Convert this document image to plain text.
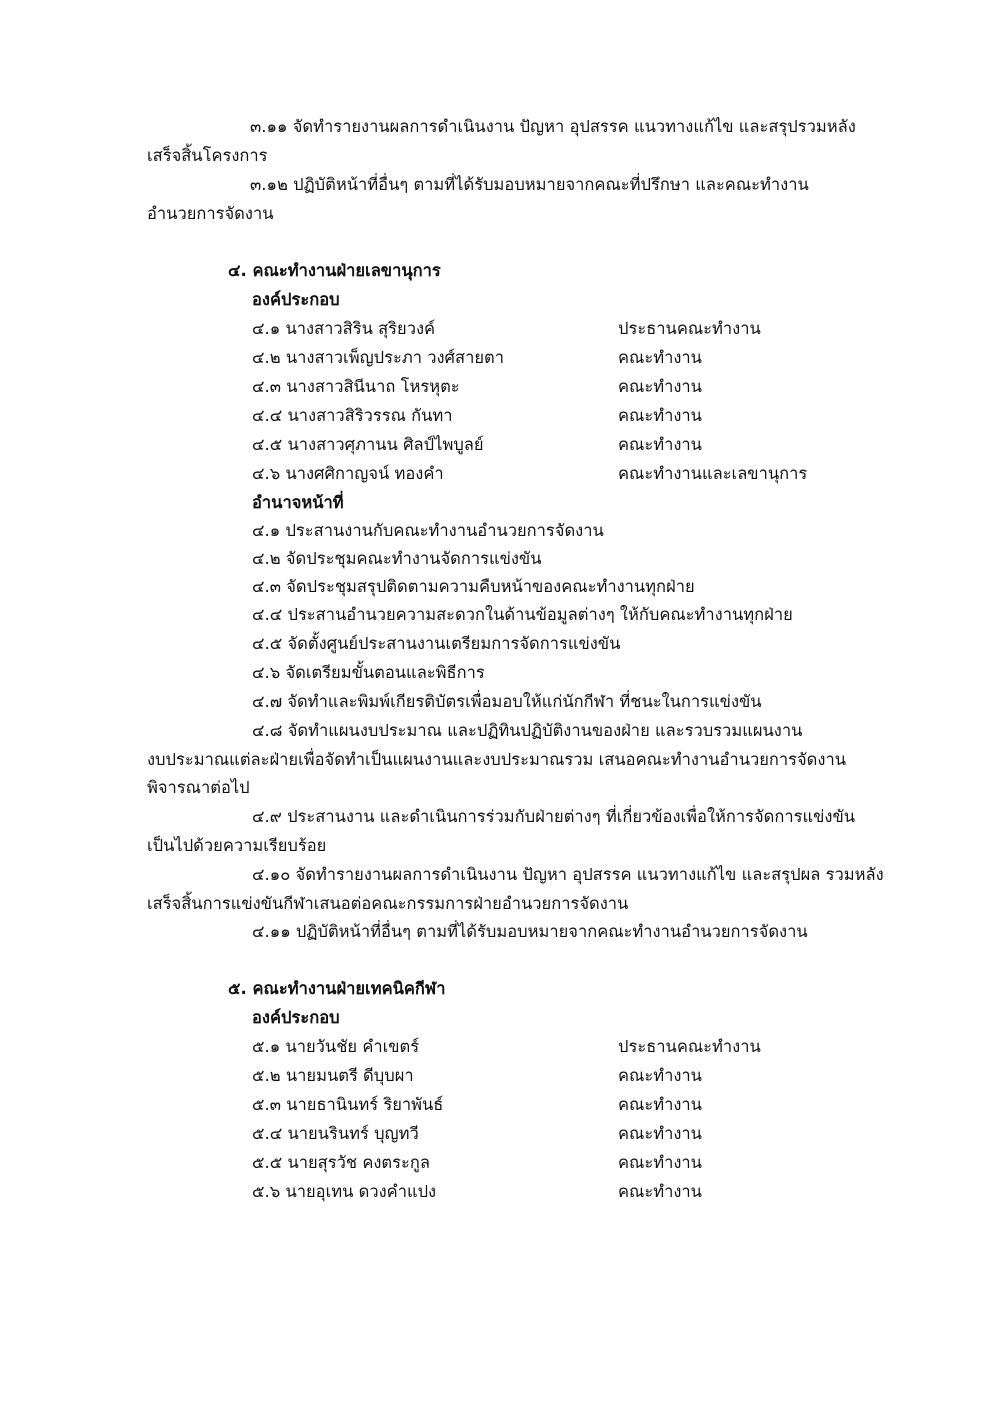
๓.๑๑ จัดทำรายงานผลการดำเนินงาน ปัญหา อุปสรรค แนวทางแก้ไข และสรุปรวมหลัง
เสร็จสิ้นโครงการ
๓.๑๒ ปฏิบัติหน้าที่อื่นๆ ตามที่ได้รับมอบหมายจากคณะที่ปรึกษา และคณะทำงาน
อำนวยการจัดงาน
๔. คณะทำงานฝ่ายเลขานุการ
องค์ประกอบ
๔.๑ นางสาวสิริน สุริยวงค์	ประธานคณะทำงาน
๔.๒ นางสาวเพ็ญประภา วงศ์สายตา	คณะทำงาน
๔.๓ นางสาวสินีนาถ โหรหุตะ	คณะทำงาน
๔.๔ นางสาวสิริวรรณ กันทา	คณะทำงาน
๔.๕ นางสาวศุภานน ศิลป์ไพบูลย์	คณะทำงาน
๔.๖ นางศศิกาญจน์ ทองคำ	คณะทำงานและเลขานุการ
อำนาจหน้าที่
๔.๑ ประสานงานกับคณะทำงานอำนวยการจัดงาน
๔.๒ จัดประชุมคณะทำงานจัดการแข่งขัน
๔.๓ จัดประชุมสรุปติดตามความคืบหน้าของคณะทำงานทุกฝ่าย
๔.๔ ประสานอำนวยความสะดวกในด้านข้อมูลต่างๆ ให้กับคณะทำงานทุกฝ่าย
๔.๕ จัดตั้งศูนย์ประสานงานเตรียมการจัดการแข่งขัน
๔.๖ จัดเตรียมขั้นตอนและพิธีการ
๔.๗ จัดทำและพิมพ์เกียรติบัตรเพื่อมอบให้แก่นักกีฬา ที่ชนะในการแข่งขัน
๔.๘ จัดทำแผนงบประมาณ และปฏิทินปฏิบัติงานของฝ่าย และรวบรวมแผนงาน
งบประมาณแต่ละฝ่ายเพื่อจัดทำเป็นแผนงานและงบประมาณรวม เสนอคณะทำงานอำนวยการจัดงาน
พิจารณาต่อไป
๔.๙ ประสานงาน และดำเนินการร่วมกับฝ่ายต่างๆ ที่เกี่ยวข้องเพื่อให้การจัดการแข่งขัน
เป็นไปด้วยความเรียบร้อย
๔.๑๐ จัดทำรายงานผลการดำเนินงาน ปัญหา อุปสรรค แนวทางแก้ไข และสรุปผล รวมหลัง
เสร็จสิ้นการแข่งขันกีฬาเสนอต่อคณะกรรมการฝ่ายอำนวยการจัดงาน
๔.๑๑ ปฏิบัติหน้าที่อื่นๆ ตามที่ได้รับมอบหมายจากคณะทำงานอำนวยการจัดงาน
๕. คณะทำงานฝ่ายเทคนิคกีฬา
องค์ประกอบ
๕.๑ นายวันชัย คำเขตร์	ประธานคณะทำงาน
๕.๒ นายมนตรี ดีบุบผา	คณะทำงาน
๕.๓ นายธานินทร์ ริยาพันธ์	คณะทำงาน
๕.๔ นายนรินทร์ บุญทวี	คณะทำงาน
๕.๕ นายสุรวัช คงตระกูล	คณะทำงาน
๕.๖ นายอุเทน ดวงคำแปง	คณะทำงาน
